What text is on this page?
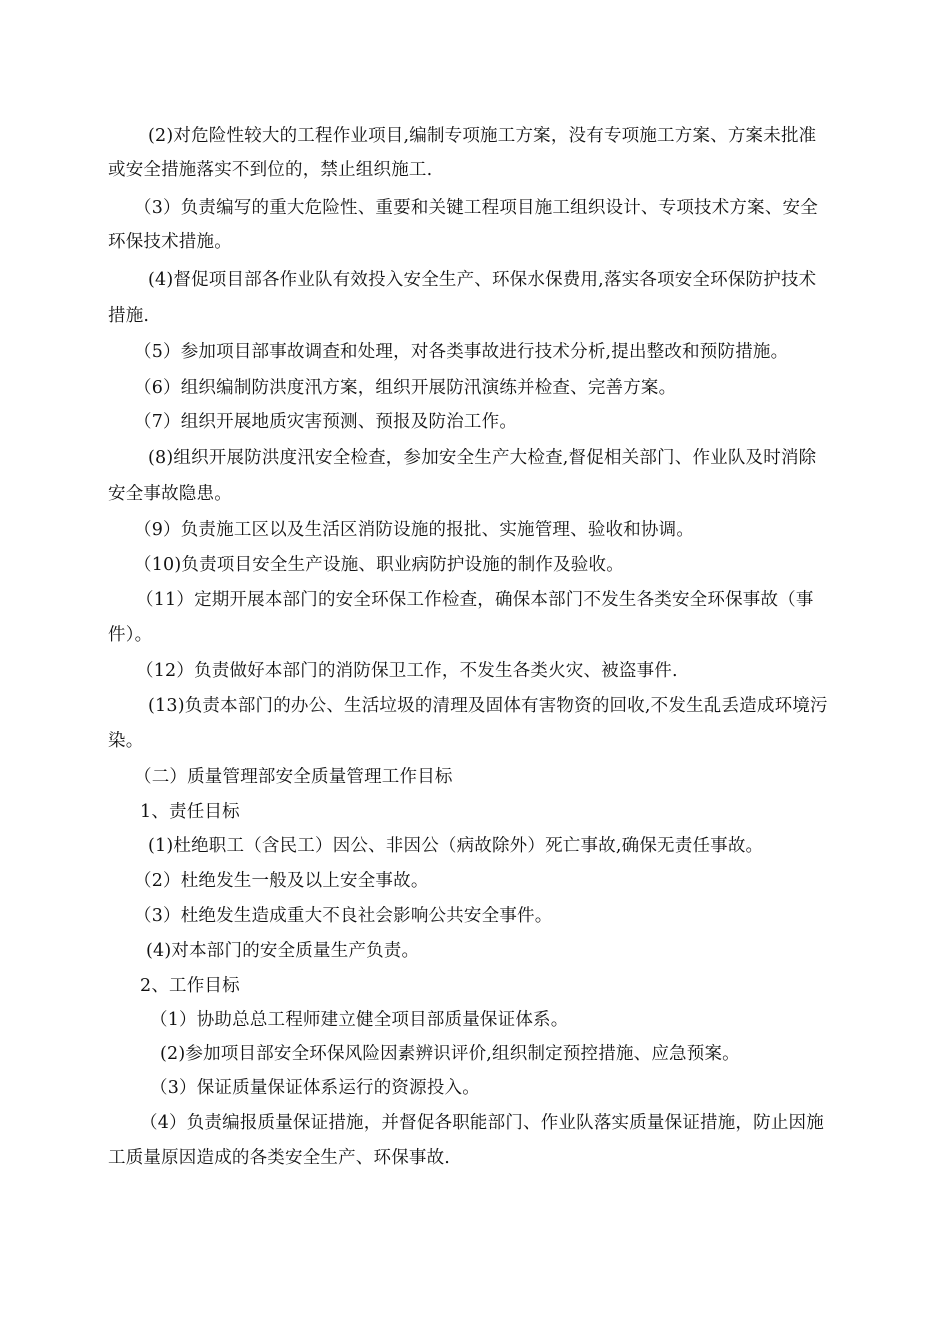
(2)对危险性较大的工程作业项目,编制专项施工方案，没有专项施工方案、方案未批准
或安全措施落实不到位的，禁止组织施工.
（3）负责编写的重大危险性、重要和关键工程项目施工组织设计、专项技术方案、安全
环保技术措施。
(4)督促项目部各作业队有效投入安全生产、环保水保费用,落实各项安全环保防护技术
措施.
（5）参加项目部事故调查和处理，对各类事故进行技术分析,提出整改和预防措施。
（6）组织编制防洪度汛方案，组织开展防汛演练并检查、完善方案。
（7）组织开展地质灾害预测、预报及防治工作。
(8)组织开展防洪度汛安全检查，参加安全生产大检查,督促相关部门、作业队及时消除
安全事故隐患。
（9）负责施工区以及生活区消防设施的报批、实施管理、验收和协调。
（10)负责项目安全生产设施、职业病防护设施的制作及验收。
（11）定期开展本部门的安全环保工作检查，确保本部门不发生各类安全环保事故（事
件）。
（12）负责做好本部门的消防保卫工作，不发生各类火灾、被盗事件.
(13)负责本部门的办公、生活垃圾的清理及固体有害物资的回收,不发生乱丢造成环境污
染。
（二）质量管理部安全质量管理工作目标
1、责任目标
(1)杜绝职工（含民工）因公、非因公（病故除外）死亡事故,确保无责任事故。
（2）杜绝发生一般及以上安全事故。
（3）杜绝发生造成重大不良社会影响公共安全事件。
(4)对本部门的安全质量生产负责。
2、工作目标
（1）协助总总工程师建立健全项目部质量保证体系。
(2)参加项目部安全环保风险因素辨识评价,组织制定预控措施、应急预案。
（3）保证质量保证体系运行的资源投入。
（4）负责编报质量保证措施，并督促各职能部门、作业队落实质量保证措施，防止因施
工质量原因造成的各类安全生产、环保事故.
